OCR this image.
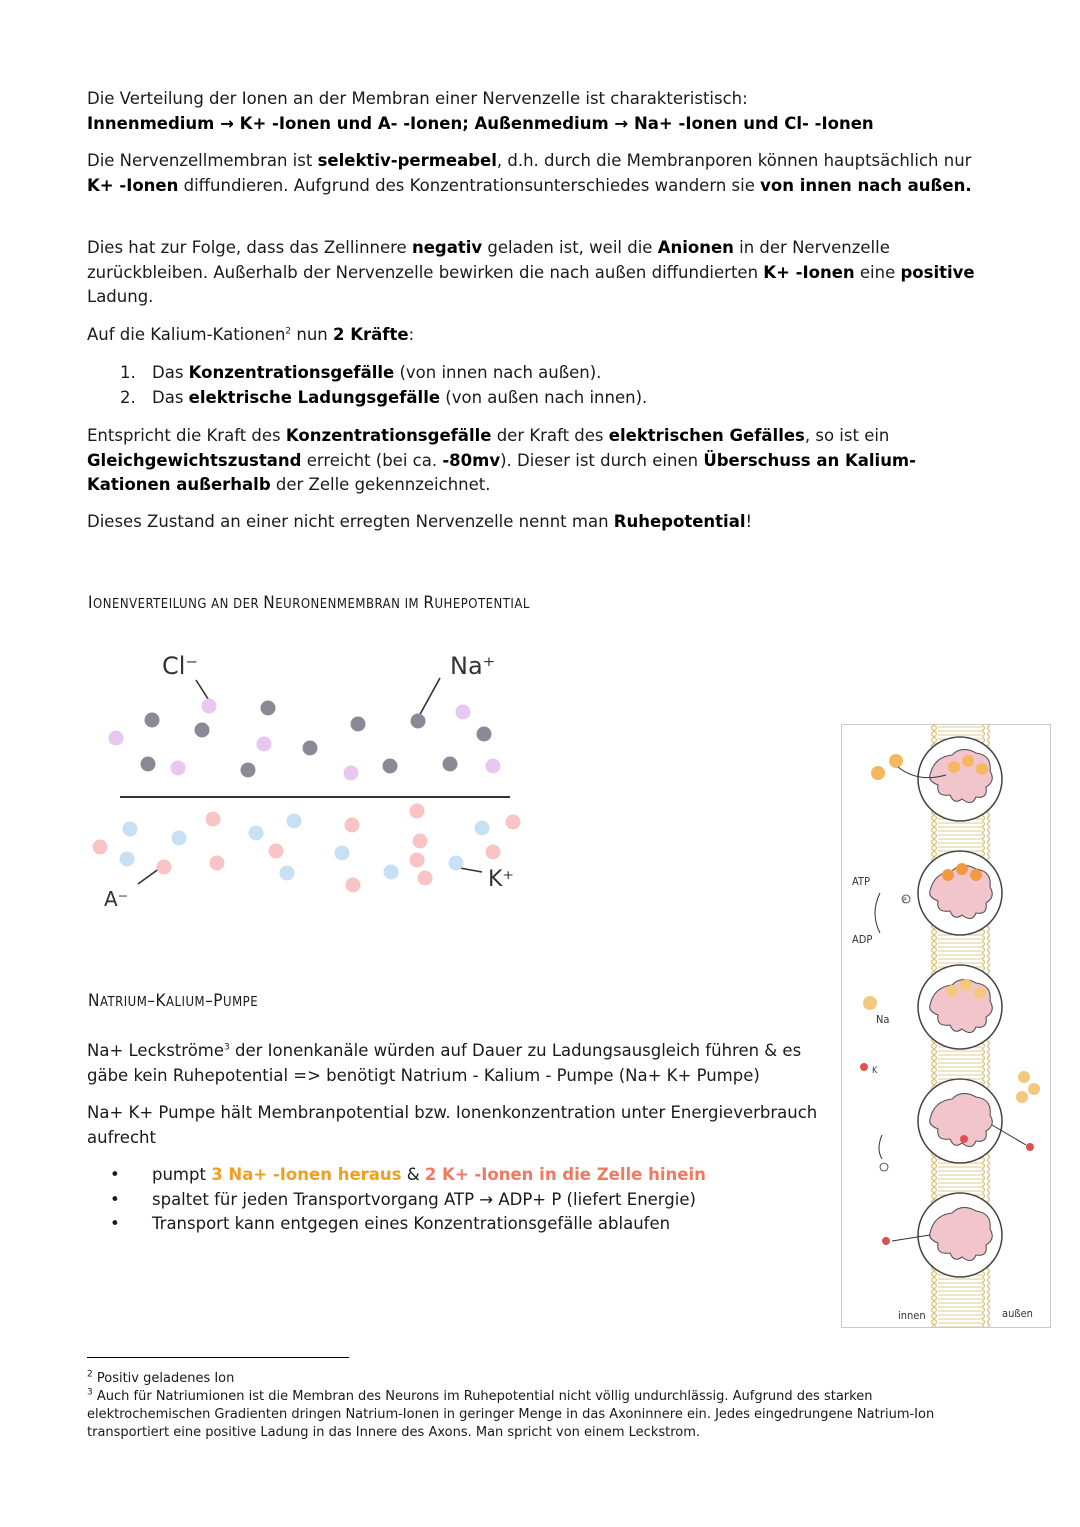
Die Verteilung der Ionen an der Membran einer Nervenzelle ist charakteristisch:
Innenmedium → K+ -Ionen und A- -Ionen; Außenmedium → Na+ -Ionen und Cl- -Ionen

Die Nervenzellmembran ist selektiv-permeabel, d.h. durch die Membranporen können hauptsächlich nur K+ -Ionen diffundieren. Aufgrund des Konzentrationsunterschiedes wandern sie von innen nach außen.

Dies hat zur Folge, dass das Zellinnere negativ geladen ist, weil die Anionen in der Nervenzelle zurückbleiben. Außerhalb der Nervenzelle bewirken die nach außen diffundierten K+ -Ionen eine positive Ladung.

Auf die Kalium-Kationen$^2$ nun 2 Kräfte:

1. Das Konzentrationsgefälle (von innen nach außen).
2. Das elektrische Ladungsgefälle (von außen nach innen).

Entspricht die Kraft des Konzentrationsgefälle der Kraft des elektrischen Gefälles, so ist ein Gleichgewichtszustand erreicht (bei ca. -80mv). Dieser ist durch einen Überschuss an Kalium-Kationen außerhalb der Zelle gekennzeichnet.

Dieses Zustand an einer nicht erregten Nervenzelle nennt man Ruhepotential!

IONENVERTEILUNG AN DER NEURONENMEMBRAN IM RUHEPOTENTIAL
Cl⁻	Na⁺
A⁻
K⁺
NATRIUM–KALIUM–PUMPE

Na+ Leckströme$^3$ der Ionenkanäle würden auf Dauer zu Ladungsausgleich führen & es gäbe kein Ruhepotential => benötigt Natrium - Kalium - Pumpe (Na+ K+ Pumpe)

Na+ K+ Pumpe hält Membranpotential bzw. Ionenkonzentration unter Energieverbrauch aufrecht

• pumpt 3 Na+ -Ionen heraus & 2 K+ -Ionen in die Zelle hinein
• spaltet für jeden Transportvorgang ATP → ADP+ P (liefert Energie)
• Transport kann entgegen eines Konzentrationsgefälle ablaufen
ATP
ADP
P
Na
K
innen	außen

$^2$ Positiv geladenes Ion

$^3$ Auch für Natriumionen ist die Membran des Neurons im Ruhepotential nicht völlig undurchlässig. Aufgrund des starken elektrochemischen Gradienten dringen Natrium-Ionen in geringer Menge in das Axoninnere ein. Jedes eingedrungene Natrium-Ion transportiert eine positive Ladung in das Innere des Axons. Man spricht von einem Leckstrom.
